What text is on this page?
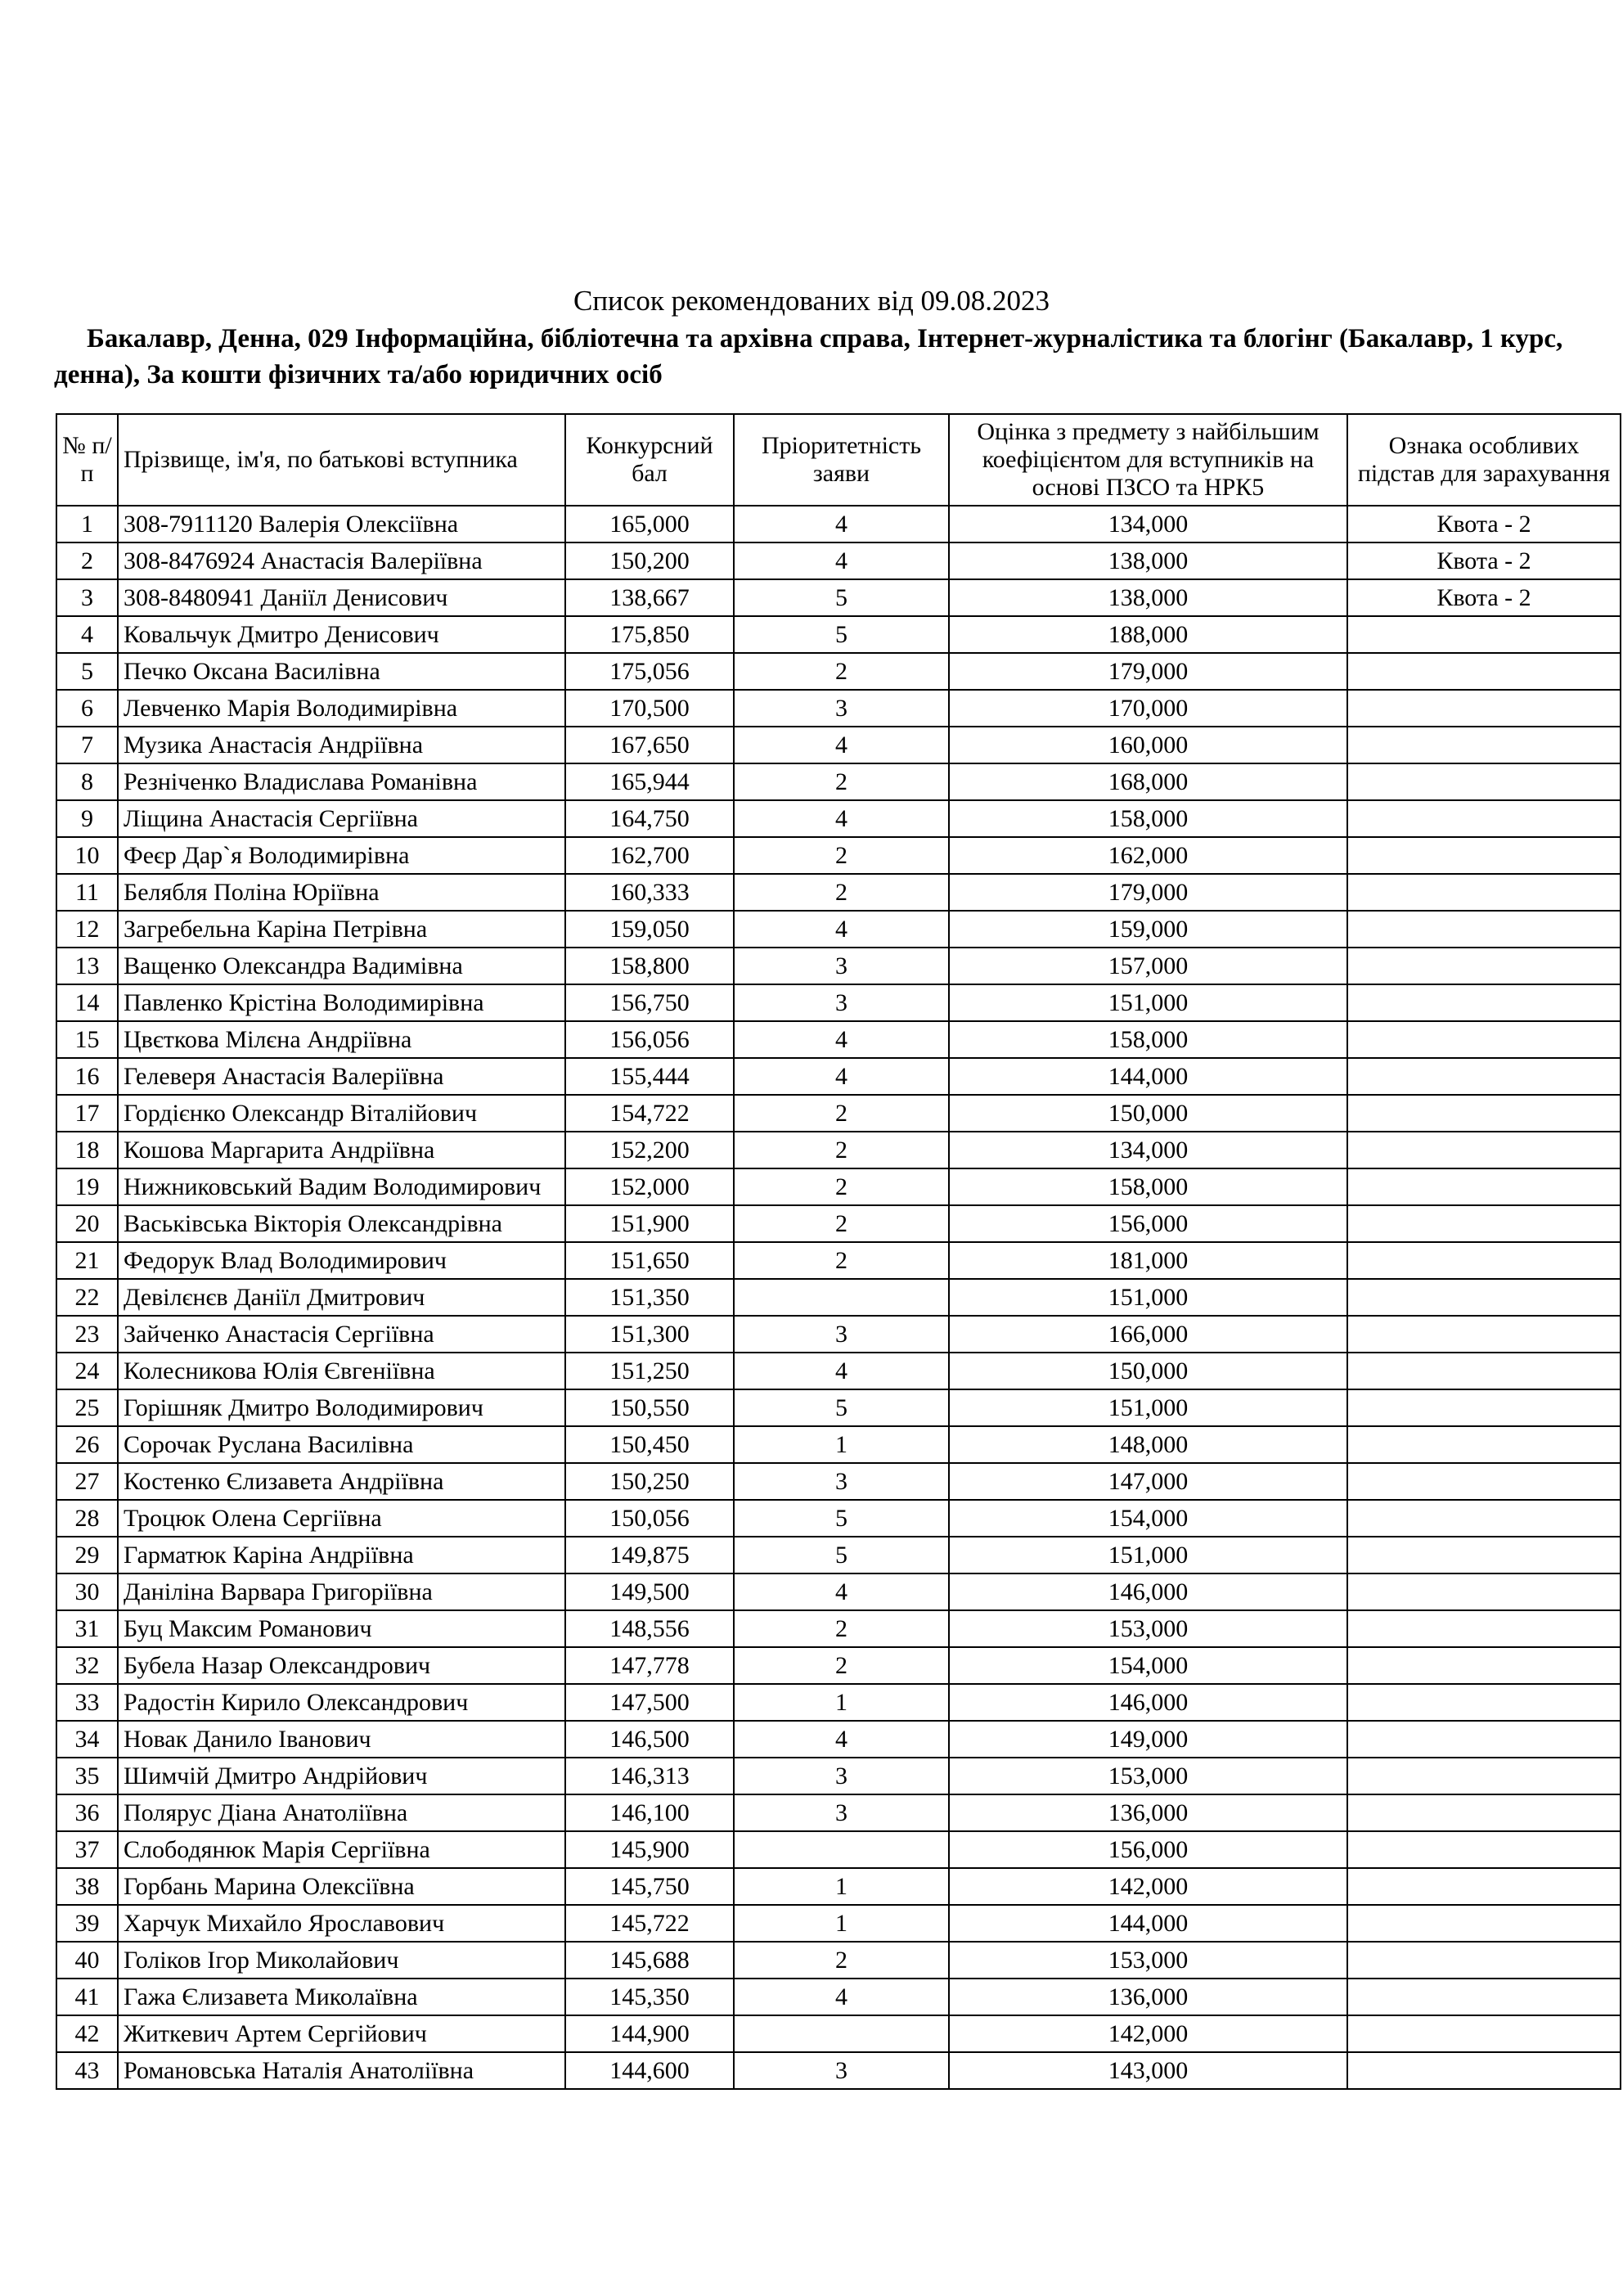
Список рекомендованих від 09.08.2023
Бакалавр, Денна, 029 Інформаційна, бібліотечна та архівна справа, Інтернет-журналістика та блогінг (Бакалавр, 1 курс, денна), За кошти фізичних та/або юридичних осіб
№ п/п	Прізвище, ім'я, по батькові вступника	Конкурсний бал	Пріоритетність заяви	Оцінка з предмету з найбільшим коефіцієнтом для вступників на основі ПЗСО та НРК5	Ознака особливих підстав для зарахування
1	308-7911120 Валерія Олексіївна	165,000	4	134,000	Квота - 2
2	308-8476924 Анастасія Валеріївна	150,200	4	138,000	Квота - 2
3	308-8480941 Даніїл Денисович	138,667	5	138,000	Квота - 2
4	Ковальчук Дмитро Денисович	175,850	5	188,000	
5	Печко Оксана Василівна	175,056	2	179,000	
6	Левченко Марія Володимирівна	170,500	3	170,000	
7	Музика Анастасія Андріївна	167,650	4	160,000	
8	Резніченко Владислава Романівна	165,944	2	168,000	
9	Ліщина Анастасія Сергіївна	164,750	4	158,000	
10	Феєр Дар`я Володимирівна	162,700	2	162,000	
11	Белябля Поліна Юріївна	160,333	2	179,000	
12	Загребельна Каріна Петрівна	159,050	4	159,000	
13	Ващенко Олександра Вадимівна	158,800	3	157,000	
14	Павленко Крістіна Володимирівна	156,750	3	151,000	
15	Цвєткова Мілєна Андріївна	156,056	4	158,000	
16	Гелеверя Анастасія Валеріївна	155,444	4	144,000	
17	Гордієнко Олександр Віталійович	154,722	2	150,000	
18	Кошова Маргарита Андріївна	152,200	2	134,000	
19	Нижниковський Вадим Володимирович	152,000	2	158,000	
20	Васьківська Вікторія Олександрівна	151,900	2	156,000	
21	Федорук Влад Володимирович	151,650	2	181,000	
22	Девілєнєв Даніїл Дмитрович	151,350		151,000	
23	Зайченко Анастасія Сергіївна	151,300	3	166,000	
24	Колесникова Юлія Євгеніївна	151,250	4	150,000	
25	Горішняк Дмитро Володимирович	150,550	5	151,000	
26	Сорочак Руслана Василівна	150,450	1	148,000	
27	Костенко Єлизавета Андріївна	150,250	3	147,000	
28	Троцюк Олена Сергіївна	150,056	5	154,000	
29	Гарматюк Каріна Андріївна	149,875	5	151,000	
30	Даніліна Варвара Григоріївна	149,500	4	146,000	
31	Буц Максим Романович	148,556	2	153,000	
32	Бубела Назар Олександрович	147,778	2	154,000	
33	Радостін Кирило Олександрович	147,500	1	146,000	
34	Новак Данило Іванович	146,500	4	149,000	
35	Шимчій Дмитро Андрійович	146,313	3	153,000	
36	Полярус Діана Анатоліївна	146,100	3	136,000	
37	Слободянюк Марія Сергіївна	145,900		156,000	
38	Горбань Марина Олексіївна	145,750	1	142,000	
39	Харчук Михайло Ярославович	145,722	1	144,000	
40	Голіков Ігор Миколайович	145,688	2	153,000	
41	Гажа Єлизавета Миколаївна	145,350	4	136,000	
42	Житкевич Артем Сергійович	144,900		142,000	
43	Романовська Наталія Анатоліївна	144,600	3	143,000	
